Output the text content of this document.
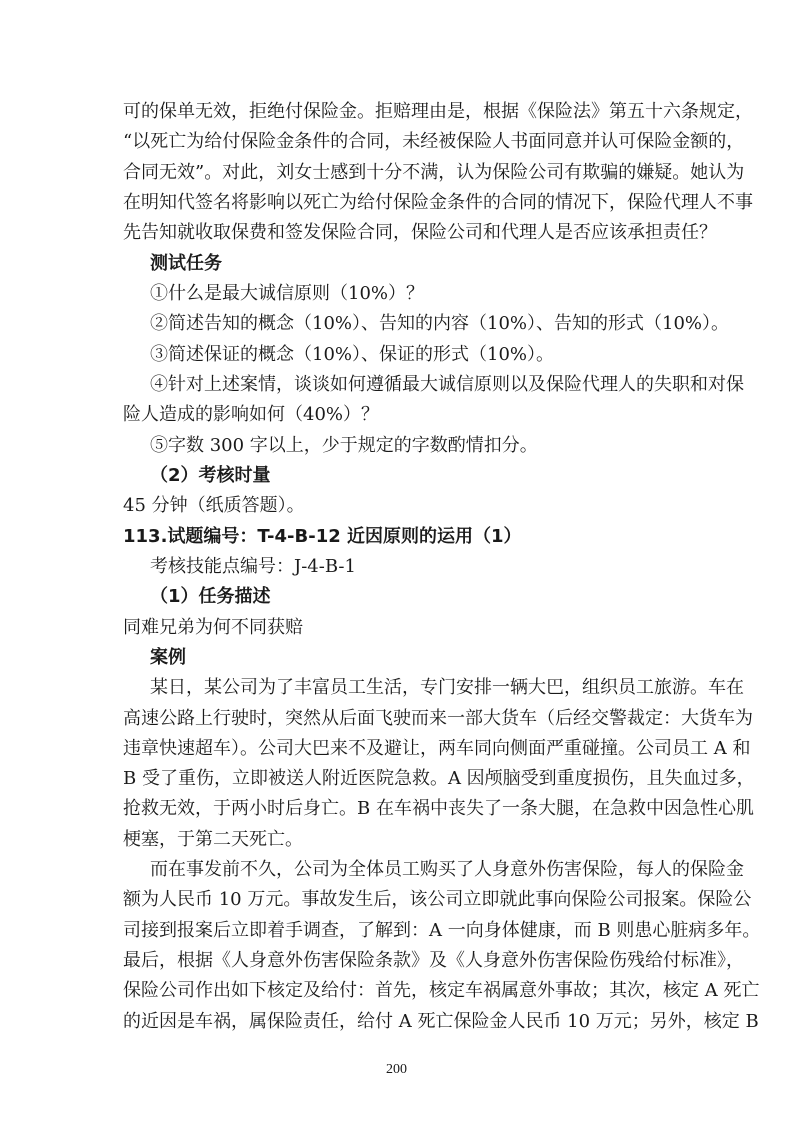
可的保单无效，拒绝付保险金。拒赔理由是，根据《保险法》第五十六条规定，
“以死亡为给付保险金条件的合同，未经被保险人书面同意并认可保险金额的，
合同无效”。对此，刘女士感到十分不满，认为保险公司有欺骗的嫌疑。她认为
在明知代签名将影响以死亡为给付保险金条件的合同的情况下，保险代理人不事
先告知就收取保费和签发保险合同，保险公司和代理人是否应该承担责任？
测试任务
①什么是最大诚信原则（10%）？
②简述告知的概念（10%）、告知的内容（10%）、告知的形式（10%）。
③简述保证的概念（10%）、保证的形式（10%）。
④针对上述案情，谈谈如何遵循最大诚信原则以及保险代理人的失职和对保
险人造成的影响如何（40%）？
⑤字数 300 字以上，少于规定的字数酌情扣分。
（2）考核时量
45 分钟（纸质答题）。
113.试题编号：T-4-B-12 近因原则的运用（1）
考核技能点编号：J-4-B-1
（1）任务描述
同难兄弟为何不同获赔
案例
某日，某公司为了丰富员工生活，专门安排一辆大巴，组织员工旅游。车在
高速公路上行驶时，突然从后面飞驶而来一部大货车（后经交警裁定：大货车为
违章快速超车）。公司大巴来不及避让，两车同向侧面严重碰撞。公司员工 A 和
B 受了重伤，立即被送人附近医院急救。A 因颅脑受到重度损伤，且失血过多，
抢救无效，于两小时后身亡。B 在车祸中丧失了一条大腿，在急救中因急性心肌
梗塞，于第二天死亡。
而在事发前不久，公司为全体员工购买了人身意外伤害保险，每人的保险金
额为人民币 10 万元。事故发生后，该公司立即就此事向保险公司报案。保险公
司接到报案后立即着手调查，了解到：A 一向身体健康，而 B 则患心脏病多年。
最后，根据《人身意外伤害保险条款》及《人身意外伤害保险伤残给付标准》，
保险公司作出如下核定及给付：首先，核定车祸属意外事故；其次，核定 A 死亡
的近因是车祸，属保险责任，给付 A 死亡保险金人民币 10 万元；另外，核定 B
200
